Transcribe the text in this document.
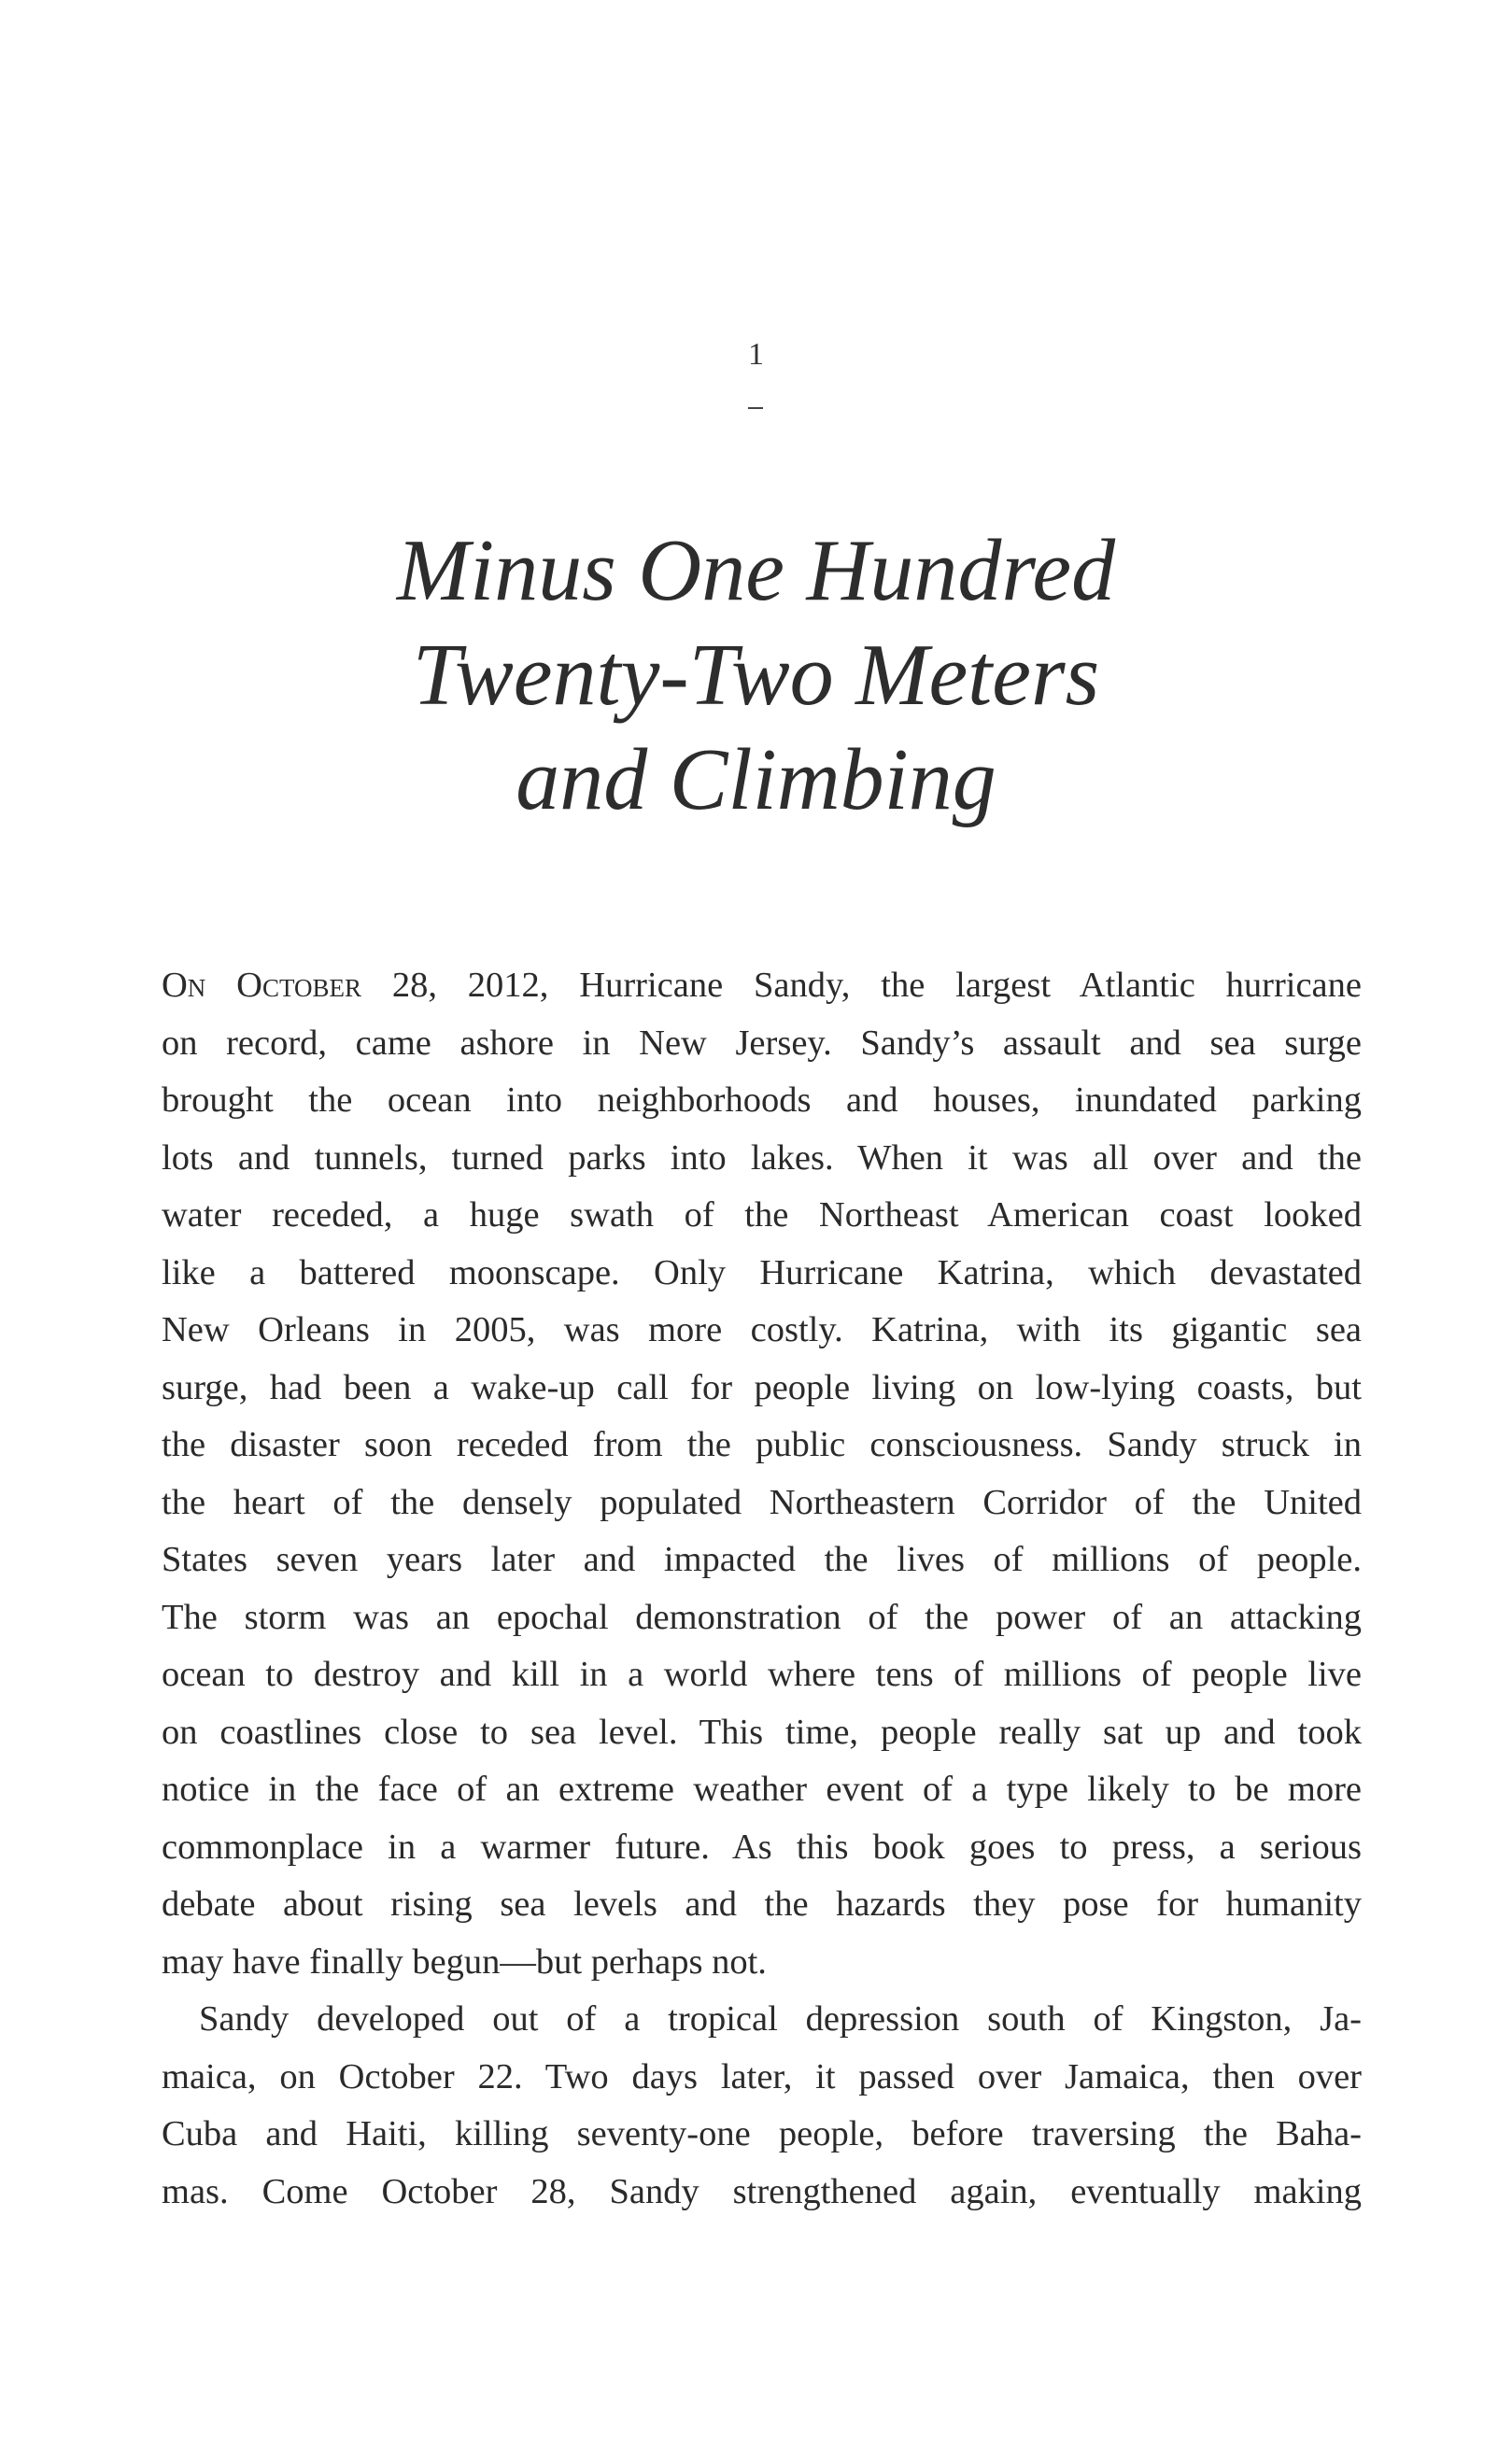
1
Minus One Hundred
Twenty-Two Meters
and Climbing
On October 28, 2012, Hurricane Sandy, the largest Atlantic hurricane
on record, came ashore in New Jersey. Sandy’s assault and sea surge
brought the ocean into neighborhoods and houses, inundated parking
lots and tunnels, turned parks into lakes. When it was all over and the
water receded, a huge swath of the Northeast American coast looked
like a battered moonscape. Only Hurricane Katrina, which devastated
New Orleans in 2005, was more costly. Katrina, with its gigantic sea
surge, had been a wake-up call for people living on low-lying coasts, but
the disaster soon receded from the public consciousness. Sandy struck in
the heart of the densely populated Northeastern Corridor of the United
States seven years later and impacted the lives of millions of people.
The storm was an epochal demonstration of the power of an attacking
ocean to destroy and kill in a world where tens of millions of people live
on coastlines close to sea level. This time, people really sat up and took
notice in the face of an extreme weather event of a type likely to be more
commonplace in a warmer future. As this book goes to press, a serious
debate about rising sea levels and the hazards they pose for humanity
may have finally begun—but perhaps not.
Sandy developed out of a tropical depression south of Kingston, Ja-
maica, on October 22. Two days later, it passed over Jamaica, then over
Cuba and Haiti, killing seventy-one people, before traversing the Baha-
mas. Come October 28, Sandy strengthened again, eventually making
